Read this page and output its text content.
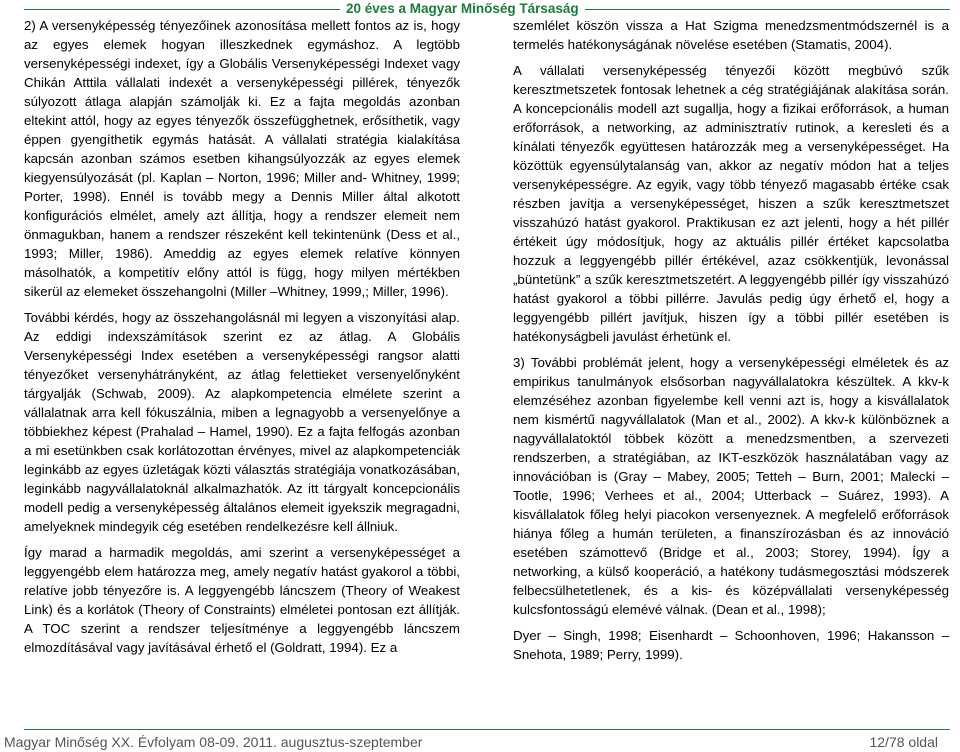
20 éves a Magyar Minőség Társaság

2) A versenyképesség tényezőinek azonosítása mellett fontos az is, hogy az egyes elemek hogyan illeszkednek egymáshoz. A legtöbb versenyképességi indexet, így a Globális Versenyképességi Indexet vagy Chikán Atttila vállalati indexét a versenyképességi pillérek, tényezők súlyozott átlaga alapján számolják ki. Ez a fajta megoldás azonban eltekint attól, hogy az egyes tényezők összefügghetnek, erősíthetik, vagy éppen gyengíthetik egymás hatását. A vállalati stratégia kialakítása kapcsán azonban számos esetben kihangsúlyozzák az egyes elemek kiegyensúlyozását (pl. Kaplan – Norton, 1996; Miller and- Whitney, 1999; Porter, 1998). Ennél is tovább megy a Dennis Miller által alkotott konfigurációs elmélet, amely azt állítja, hogy a rendszer elemeit nem önmagukban, hanem a rendszer részeként kell tekintenünk (Dess et al., 1993; Miller, 1986). Ameddig az egyes elemek relatíve könnyen másolhatók, a kompetitív előny attól is függ, hogy milyen mértékben sikerül az elemeket összehangolni (Miller –Whitney, 1999,; Miller, 1996).

További kérdés, hogy az összehangolásnál mi legyen a viszonyítási alap. Az eddigi indexszámítások szerint ez az átlag. A Globális Versenyképességi Index esetében a versenyképességi rangsor alatti tényezőket versenyhátrányként, az átlag felettieket versenyelőnyként tárgyalják (Schwab, 2009). Az alapkompetencia elmélete szerint a vállalatnak arra kell fókuszálnia, miben a legnagyobb a versenyelőnye a többiekhez képest (Prahalad – Hamel, 1990). Ez a fajta felfogás azonban a mi esetünkben csak korlátozottan érvényes, mivel az alapkompetenciák leginkább az egyes üzletágak közti választás stratégiája vonatkozásában, leginkább nagyvállalatoknál alkalmazhatók. Az itt tárgyalt koncepcionális modell pedig a versenyképesség általános elemeit igyekszik megragadni, amelyeknek mindegyik cég esetében rendelkezésre kell állniuk.

Így marad a harmadik megoldás, ami szerint a versenyképességet a leggyengébb elem határozza meg, amely negatív hatást gyakorol a többi, relatíve jobb tényezőre is. A leggyengébb láncszem (Theory of Weakest Link) és a korlátok (Theory of Constraints) elméletei pontosan ezt állítják. A TOC szerint a rendszer teljesítménye a leggyengébb láncszem elmozdításával vagy javításával érhető el (Goldratt, 1994). Ez a

szemlélet köszön vissza a Hat Szigma menedzsmentmódszernél is a termelés hatékonyságának növelése esetében (Stamatis, 2004).

A vállalati versenyképesség tényezői között megbúvó szűk keresztmetszetek fontosak lehetnek a cég stratégiájának alakítása során. A koncepcionális modell azt sugallja, hogy a fizikai erőforrások, a human erőforrások, a networking, az adminisztratív rutinok, a keresleti és a kínálati tényezők együttesen határozzák meg a versenyképességet. Ha közöttük egyensúlytalanság van, akkor az negatív módon hat a teljes versenyképességre. Az egyik, vagy több tényező magasabb értéke csak részben javítja a versenyképességet, hiszen a szűk keresztmetszet visszahúzó hatást gyakorol. Praktikusan ez azt jelenti, hogy a hét pillér értékeit úgy módosítjuk, hogy az aktuális pillér értéket kapcsolatba hozzuk a leggyengébb pillér értékével, azaz csökkentjük, levonással „büntetünk” a szűk keresztmetszetért. A leggyengébb pillér így visszahúzó hatást gyakorol a többi pillérre. Javulás pedig úgy érhető el, hogy a leggyengébb pillért javítjuk, hiszen így a többi pillér esetében is hatékonyságbeli javulást érhetünk el.

3) További problémát jelent, hogy a versenyképességi elméletek és az empirikus tanulmányok elsősorban nagyvállalatokra készültek. A kkv-k elemzéséhez azonban figyelembe kell venni azt is, hogy a kisvállalatok nem kismértű nagyvállalatok (Man et al., 2002). A kkv-k különböznek a nagyvállalatoktól többek között a menedzsmentben, a szervezeti rendszerben, a stratégiában, az IKT-eszközök használatában vagy az innovációban is (Gray – Mabey, 2005; Tetteh – Burn, 2001; Malecki – Tootle, 1996; Verhees et al., 2004; Utterback – Suárez, 1993). A kisvállalatok főleg helyi piacokon versenyeznek. A megfelelő erőforrások hiánya főleg a humán területen, a finanszírozásban és az innováció esetében számottevő (Bridge et al., 2003; Storey, 1994). Így a networking, a külső kooperáció, a hatékony tudásmegosztási módszerek felbecsülhetetlenek, és a kis- és középvállalati versenyképesség kulcsfontosságú elemévé válnak. (Dean et al., 1998);

Dyer – Singh, 1998; Eisenhardt – Schoonhoven, 1996; Hakansson – Snehota, 1989; Perry, 1999).

Magyar Minőség XX. Évfolyam 08-09. 2011. augusztus-szeptember	12/78 oldal
